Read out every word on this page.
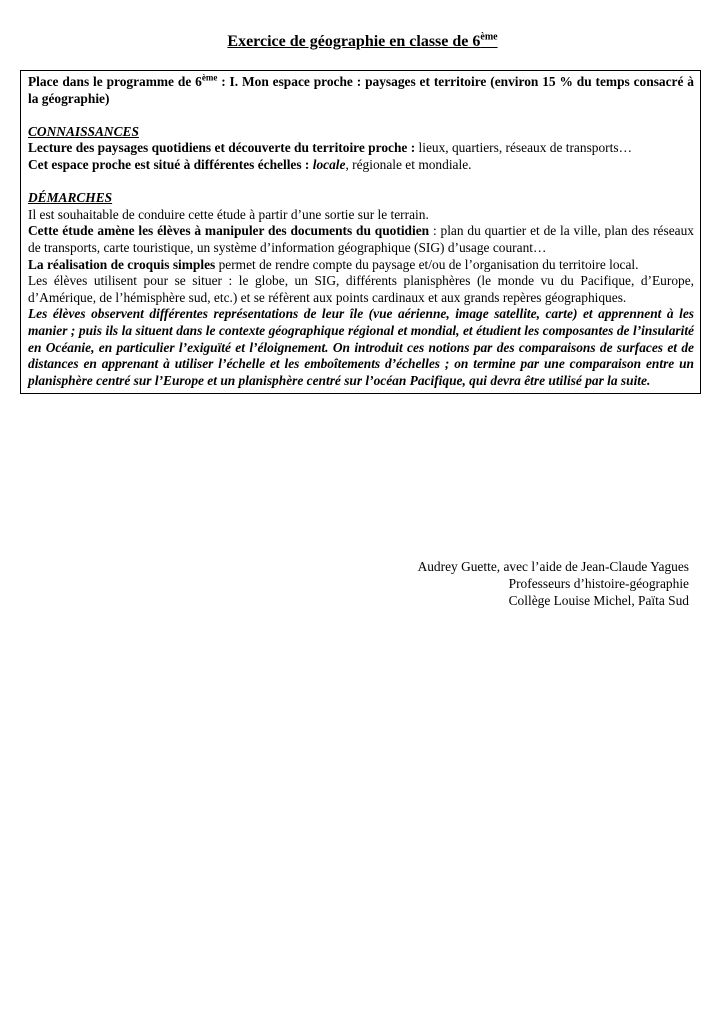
Exercice de géographie en classe de 6ème

Place dans le programme de 6ème : I. Mon espace proche : paysages et territoire (environ 15 % du temps consacré à la géographie)

CONNAISSANCES

Lecture des paysages quotidiens et découverte du territoire proche : lieux, quartiers, réseaux de transports…

Cet espace proche est situé à différentes échelles : locale, régionale et mondiale.

DÉMARCHES

Il est souhaitable de conduire cette étude à partir d’une sortie sur le terrain.

Cette étude amène les élèves à manipuler des documents du quotidien : plan du quartier et de la ville, plan des réseaux de transports, carte touristique, un système d’information géographique (SIG) d’usage courant…

La réalisation de croquis simples permet de rendre compte du paysage et/ou de l’organisation du territoire local.

Les élèves utilisent pour se situer : le globe, un SIG, différents planisphères (le monde vu du Pacifique, d’Europe, d’Amérique, de l’hémisphère sud, etc.) et se réfèrent aux points cardinaux et aux grands repères géographiques.

Les élèves observent différentes représentations de leur île (vue aérienne, image satellite, carte) et apprennent à les manier ; puis ils la situent dans le contexte géographique régional et mondial, et étudient les composantes de l’insularité en Océanie, en particulier l’exiguïté et l’éloignement. On introduit ces notions par des comparaisons de surfaces et de distances en apprenant à utiliser l’échelle et les emboîtements d’échelles ; on termine par une comparaison entre un planisphère centré sur l’Europe et un planisphère centré sur l’océan Pacifique, qui devra être utilisé par la suite.

Audrey Guette, avec l’aide de Jean-Claude Yagues
Professeurs d’histoire-géographie
Collège Louise Michel, Païta Sud
